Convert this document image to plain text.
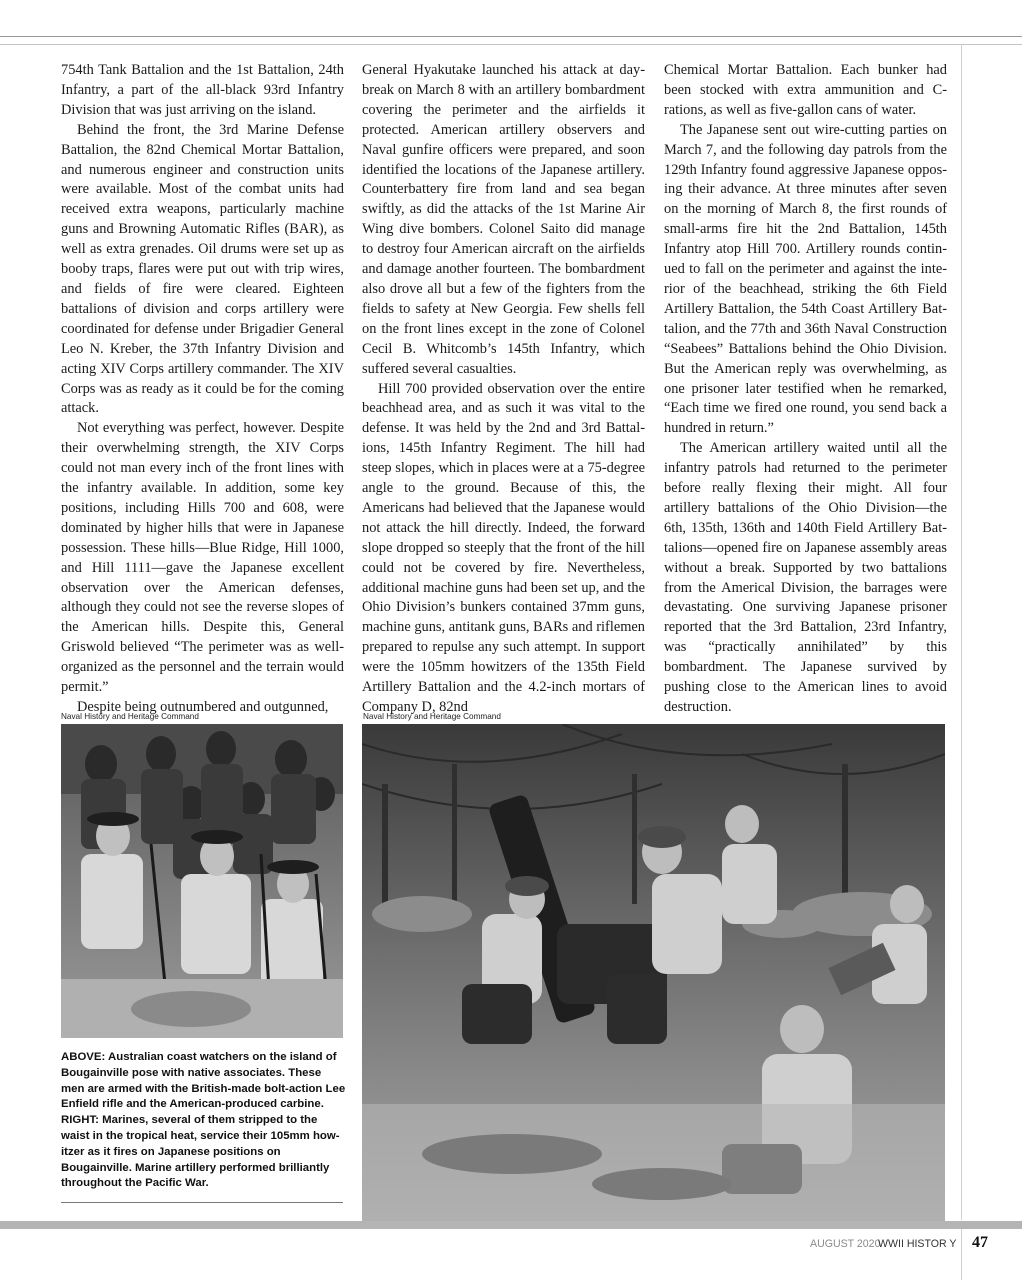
754th Tank Battalion and the 1st Battalion, 24th Infantry, a part of the all-black 93rd Infantry Division that was just arriving on the island.

Behind the front, the 3rd Marine Defense Battalion, the 82nd Chemical Mortar Battalion, and numerous engineer and construction units were available. Most of the combat units had received extra weapons, particularly machine guns and Browning Automatic Rifles (BAR), as well as extra grenades. Oil drums were set up as booby traps, flares were put out with trip wires, and fields of fire were cleared. Eighteen battalions of division and corps artillery were coordinated for defense under Brigadier General Leo N. Kreber, the 37th Infantry Division and acting XIV Corps artillery commander. The XIV Corps was as ready as it could be for the coming attack.

Not everything was perfect, however. Despite their overwhelming strength, the XIV Corps could not man every inch of the front lines with the infantry available. In addition, some key positions, including Hills 700 and 608, were dominated by higher hills that were in Japanese possession. These hills—Blue Ridge, Hill 1000, and Hill 1111—gave the Japanese excellent observation over the American defenses, although they could not see the reverse slopes of the American hills. Despite this, General Griswold believed “The perimeter was as well-organized as the personnel and the terrain would permit.”

Despite being outnumbered and outgunned,

General Hyakutake launched his attack at daybreak on March 8 with an artillery bombardment covering the perimeter and the airfields it protected. American artillery observers and Naval gunfire officers were prepared, and soon identified the locations of the Japanese artillery. Counterbattery fire from land and sea began swiftly, as did the attacks of the 1st Marine Air Wing dive bombers. Colonel Saito did manage to destroy four American aircraft on the airfields and damage another fourteen. The bombardment also drove all but a few of the fighters from the fields to safety at New Georgia. Few shells fell on the front lines except in the zone of Colonel Cecil B. Whitcomb’s 145th Infantry, which suffered several casualties.

Hill 700 provided observation over the entire beachhead area, and as such it was vital to the defense. It was held by the 2nd and 3rd Battalions, 145th Infantry Regiment. The hill had steep slopes, which in places were at a 75-degree angle to the ground. Because of this, the Americans had believed that the Japanese would not attack the hill directly. Indeed, the forward slope dropped so steeply that the front of the hill could not be covered by fire. Nevertheless, additional machine guns had been set up, and the Ohio Division’s bunkers contained 37mm guns, machine guns, antitank guns, BARs and riflemen prepared to repulse any such attempt. In support were the 105mm howitzers of the 135th Field Artillery Battalion and the 4.2-inch mortars of Company D, 82nd

Chemical Mortar Battalion. Each bunker had been stocked with extra ammunition and C-rations, as well as five-gallon cans of water.

The Japanese sent out wire-cutting parties on March 7, and the following day patrols from the 129th Infantry found aggressive Japanese opposing their advance. At three minutes after seven on the morning of March 8, the first rounds of small-arms fire hit the 2nd Battalion, 145th Infantry atop Hill 700. Artillery rounds continued to fall on the perimeter and against the interior of the beachhead, striking the 6th Field Artillery Battalion, the 54th Coast Artillery Battalion, and the 77th and 36th Naval Construction “Seabees” Battalions behind the Ohio Division. But the American reply was overwhelming, as one prisoner later testified when he remarked, “Each time we fired one round, you send back a hundred in return.”

The American artillery waited until all the infantry patrols had returned to the perimeter before really flexing their might. All four artillery battalions of the Ohio Division—the 6th, 135th, 136th and 140th Field Artillery Battalions—opened fire on Japanese assembly areas without a break. Supported by two battalions from the Americal Division, the barrages were devastating. One surviving Japanese prisoner reported that the 3rd Battalion, 23rd Infantry, was “practically annihilated” by this bombardment. The Japanese survived by pushing close to the American lines to avoid destruction.

Naval History and Heritage Command	Naval History and Heritage Command
ABOVE: Australian coast watchers on the island of Bougainville pose with native associates. These men are armed with the British-made bolt-action Lee Enfield rifle and the American-produced carbine. RIGHT: Marines, several of them stripped to the waist in the tropical heat, service their 105mm howitzer as it fires on Japanese positions on Bougainville. Marine artillery performed brilliantly throughout the Pacific War.
AUGUST 2020
WWII HISTOR Y 47
